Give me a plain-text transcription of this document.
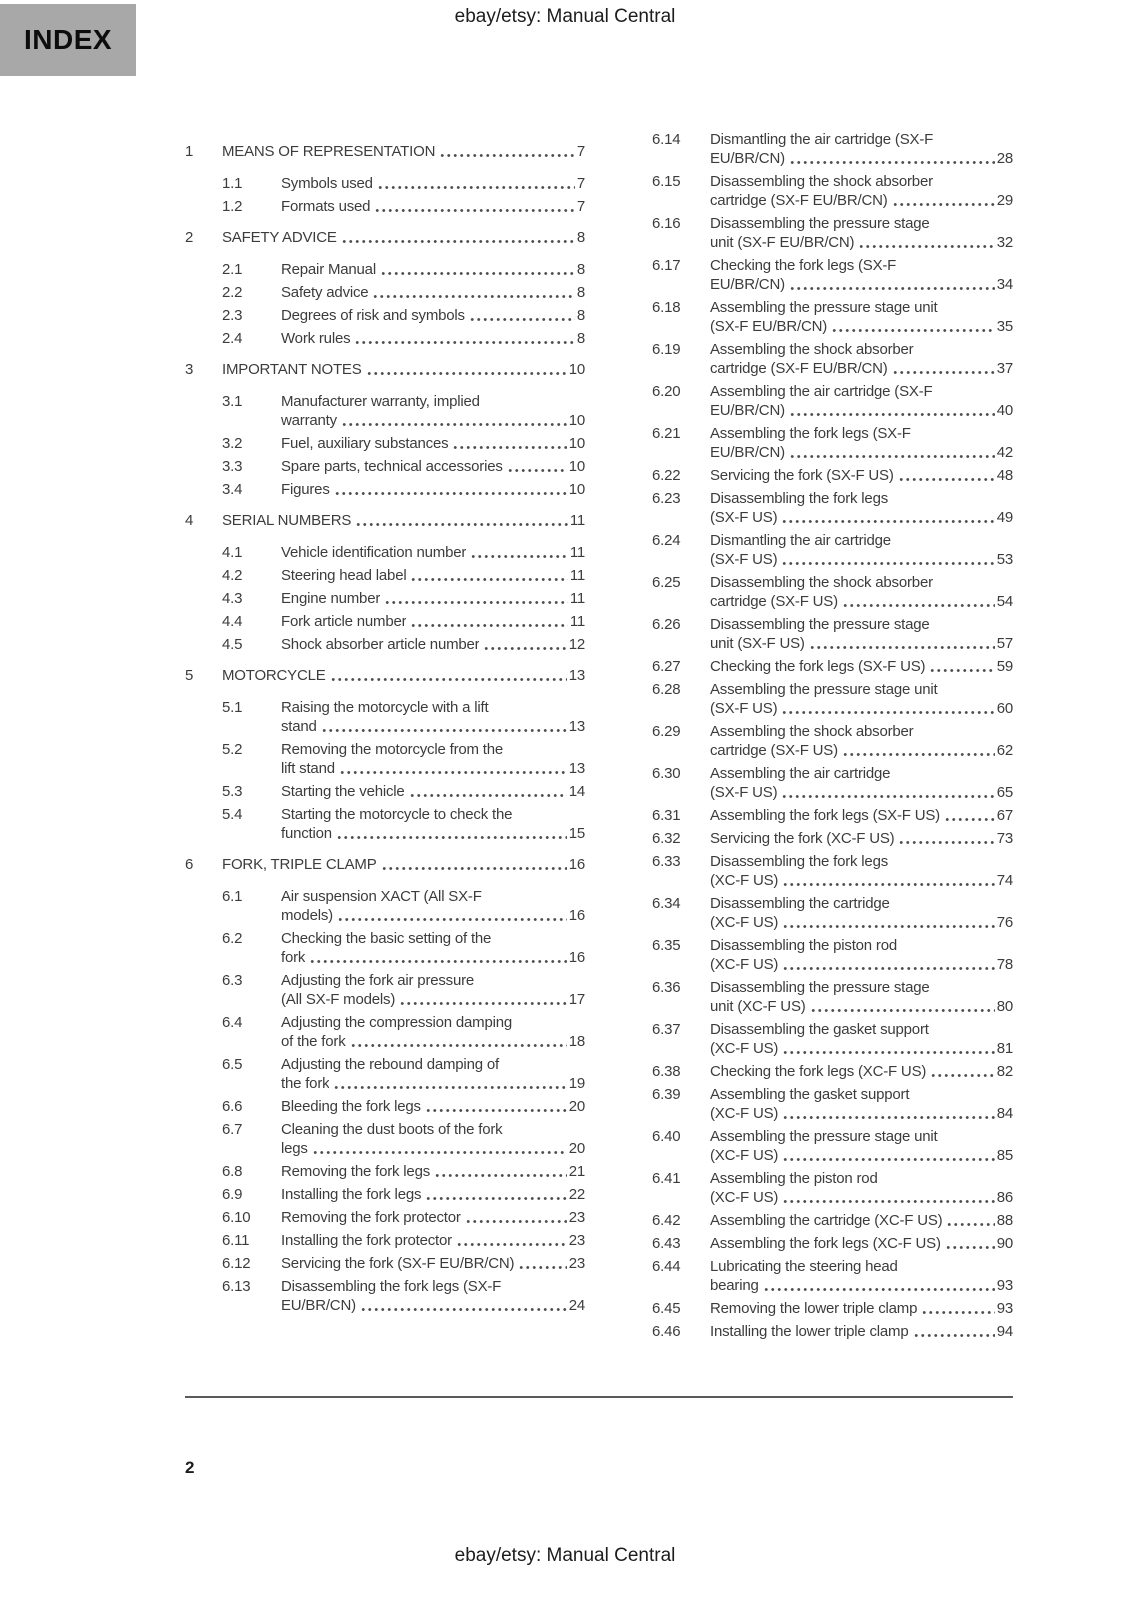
ebay/etsy: Manual Central
INDEX
1	MEANS OF REPRESENTATION	7
1.1	Symbols used	7
1.2	Formats used	7
2	SAFETY ADVICE	8
2.1	Repair Manual	8
2.2	Safety advice	8
2.3	Degrees of risk and symbols	8
2.4	Work rules	8
3	IMPORTANT NOTES	10
3.1	Manufacturer warranty, implied
warranty	10
3.2	Fuel, auxiliary substances	10
3.3	Spare parts, technical accessories	10
3.4	Figures	10
4	SERIAL NUMBERS	11
4.1	Vehicle identification number	11
4.2	Steering head label	11
4.3	Engine number	11
4.4	Fork article number	11
4.5	Shock absorber article number	12
5	MOTORCYCLE	13
5.1	Raising the motorcycle with a lift
stand	13
5.2	Removing the motorcycle from the
lift stand	13
5.3	Starting the vehicle	14
5.4	Starting the motorcycle to check the
function	15
6	FORK, TRIPLE CLAMP	16
6.1	Air suspension XACT (All SX-F
models)	16
6.2	Checking the basic setting of the
fork	16
6.3	Adjusting the fork air pressure
(All SX-F models)	17
6.4	Adjusting the compression damping
of the fork	18
6.5	Adjusting the rebound damping of
the fork	19
6.6	Bleeding the fork legs	20
6.7	Cleaning the dust boots of the fork
legs	20
6.8	Removing the fork legs	21
6.9	Installing the fork legs	22
6.10	Removing the fork protector	23
6.11	Installing the fork protector	23
6.12	Servicing the fork (SX-F EU/BR/CN)	23
6.13	Disassembling the fork legs (SX-F
EU/BR/CN)	24
6.14	Dismantling the air cartridge (SX-F
EU/BR/CN)	28
6.15	Disassembling the shock absorber
cartridge (SX-F EU/BR/CN)	29
6.16	Disassembling the pressure stage
unit (SX-F EU/BR/CN)	32
6.17	Checking the fork legs (SX-F
EU/BR/CN)	34
6.18	Assembling the pressure stage unit
(SX-F EU/BR/CN)	35
6.19	Assembling the shock absorber
cartridge (SX-F EU/BR/CN)	37
6.20	Assembling the air cartridge (SX-F
EU/BR/CN)	40
6.21	Assembling the fork legs (SX-F
EU/BR/CN)	42
6.22	Servicing the fork (SX-F US)	48
6.23	Disassembling the fork legs
(SX-F US)	49
6.24	Dismantling the air cartridge
(SX-F US)	53
6.25	Disassembling the shock absorber
cartridge (SX-F US)	54
6.26	Disassembling the pressure stage
unit (SX-F US)	57
6.27	Checking the fork legs (SX-F US)	59
6.28	Assembling the pressure stage unit
(SX-F US)	60
6.29	Assembling the shock absorber
cartridge (SX-F US)	62
6.30	Assembling the air cartridge
(SX-F US)	65
6.31	Assembling the fork legs (SX-F US)	67
6.32	Servicing the fork (XC-F US)	73
6.33	Disassembling the fork legs
(XC-F US)	74
6.34	Disassembling the cartridge
(XC-F US)	76
6.35	Disassembling the piston rod
(XC-F US)	78
6.36	Disassembling the pressure stage
unit (XC-F US)	80
6.37	Disassembling the gasket support
(XC-F US)	81
6.38	Checking the fork legs (XC-F US)	82
6.39	Assembling the gasket support
(XC-F US)	84
6.40	Assembling the pressure stage unit
(XC-F US)	85
6.41	Assembling the piston rod
(XC-F US)	86
6.42	Assembling the cartridge (XC-F US)	88
6.43	Assembling the fork legs (XC-F US)	90
6.44	Lubricating the steering head
bearing	93
6.45	Removing the lower triple clamp	93
6.46	Installing the lower triple clamp	94
2
ebay/etsy: Manual Central
